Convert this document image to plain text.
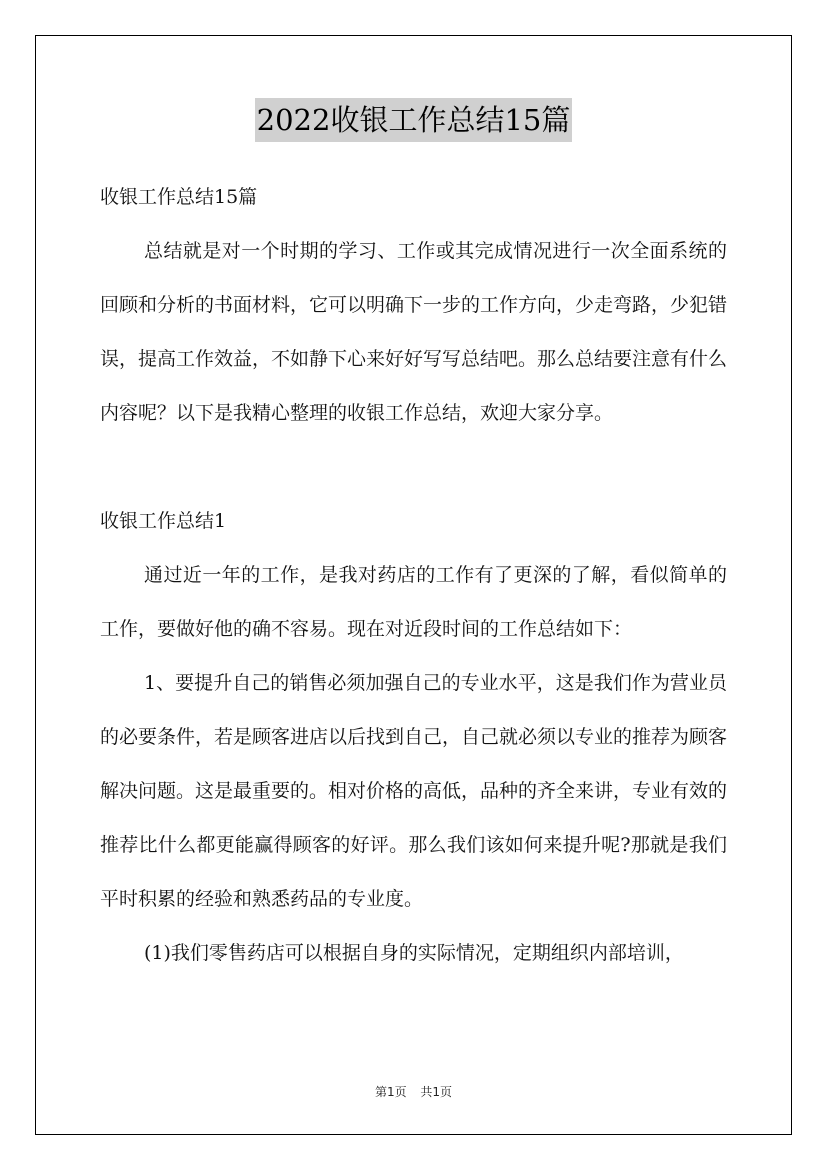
2022收银工作总结15篇

收银工作总结15篇

总结就是对一个时期的学习、工作或其完成情况进行一次全面系统的回顾和分析的书面材料，它可以明确下一步的工作方向，少走弯路，少犯错误，提高工作效益，不如静下心来好好写写总结吧。那么总结要注意有什么内容呢？以下是我精心整理的收银工作总结，欢迎大家分享。

收银工作总结1

通过近一年的工作，是我对药店的工作有了更深的了解，看似简单的工作，要做好他的确不容易。现在对近段时间的工作总结如下：

1、要提升自己的销售必须加强自己的专业水平，这是我们作为营业员的必要条件，若是顾客进店以后找到自己，自己就必须以专业的推荐为顾客解决问题。这是最重要的。相对价格的高低，品种的齐全来讲，专业有效的推荐比什么都更能赢得顾客的好评。那么我们该如何来提升呢?那就是我们平时积累的经验和熟悉药品的专业度。

(1)我们零售药店可以根据自身的实际情况，定期组织内部培训，

第1页 共1页
